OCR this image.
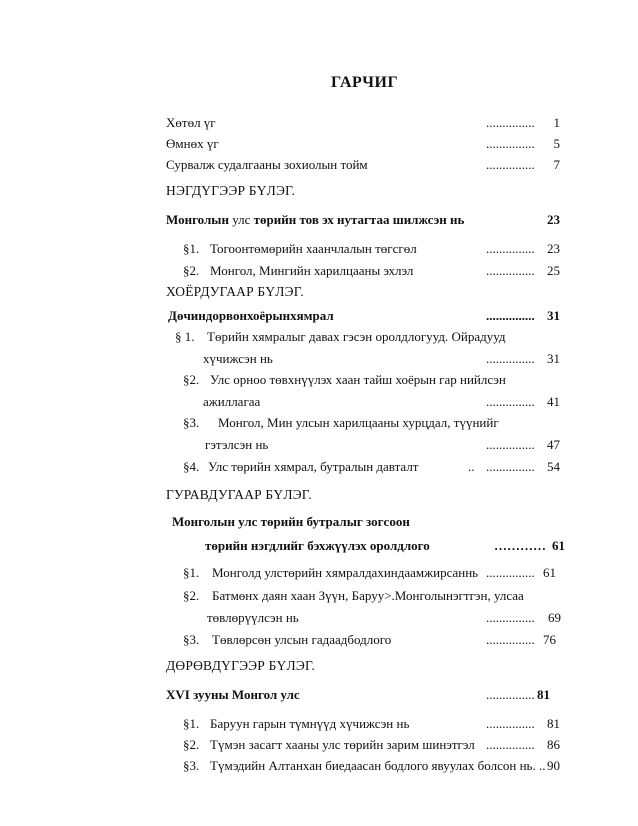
ГАРЧИГ
Хөтөл үг	...............	1
Өмнөх үг	...............	5
Сурвалж судалгааны зохиолын тойм	...............	7
НЭГДҮГЭЭР БҮЛЭГ.
Монголын улс төрийн тов эх нутагтаа шилжсэн нь	23
§1. Тогоонтөмөрийн хаанчлалын төгсгөл	............... 23
§2. Монгол, Мингийн харилцааны эхлэл	............... 25
ХОЁРДУГААР БҮЛЭГ.
Дөчиндорвонхоёрынхямрал	............... 31
§ 1. Төрийн хямралыг давах гэсэн оролдлогууд. Ойрадууд
хүчижсэн нь	............... 31
§2. Улс орноо төвхнүүлэх хаан тайш хоёрын гар нийлсэн
ажиллагаа	............... 41
§3. Монгол, Мин улсын харилцааны хурцдал, түүнийг
гэтэлсэн нь	............... 47
§4. Улс төрийн хямрал, бутралын давталт	.. ............... 54
ГУРАВДУГААР БҮЛЭГ.
Монголын улс төрийн бутралыг зогсоон
төрийн нэгдлийг бэхжүүлэх оролдлого	………… 61
§1. Монголд улстөрийн хямралдахиндаамжирсаннь ............... 61
§2. Батмөнх даян хаан Зүүн, Баруу>.Монголынэгтгэн, улсаа
төвлөрүүлсэн нь	...............	69
§3. Төвлөрсөн улсын гадаадбодлого	............... 76
ДӨРӨВДҮГЭЭР БҮЛЭГ.
XVI зууны Монгол улс	............... 81
§1. Баруун гарын түмнүүд хүчижсэн нь	............... 81
§2. Түмэн засагт хааны улс төрийн зарим шинэтгэл ............... 86
§3. Түмэдийн Алтанхан биедаасан бодлого явуулах болсон нь. .. 90
